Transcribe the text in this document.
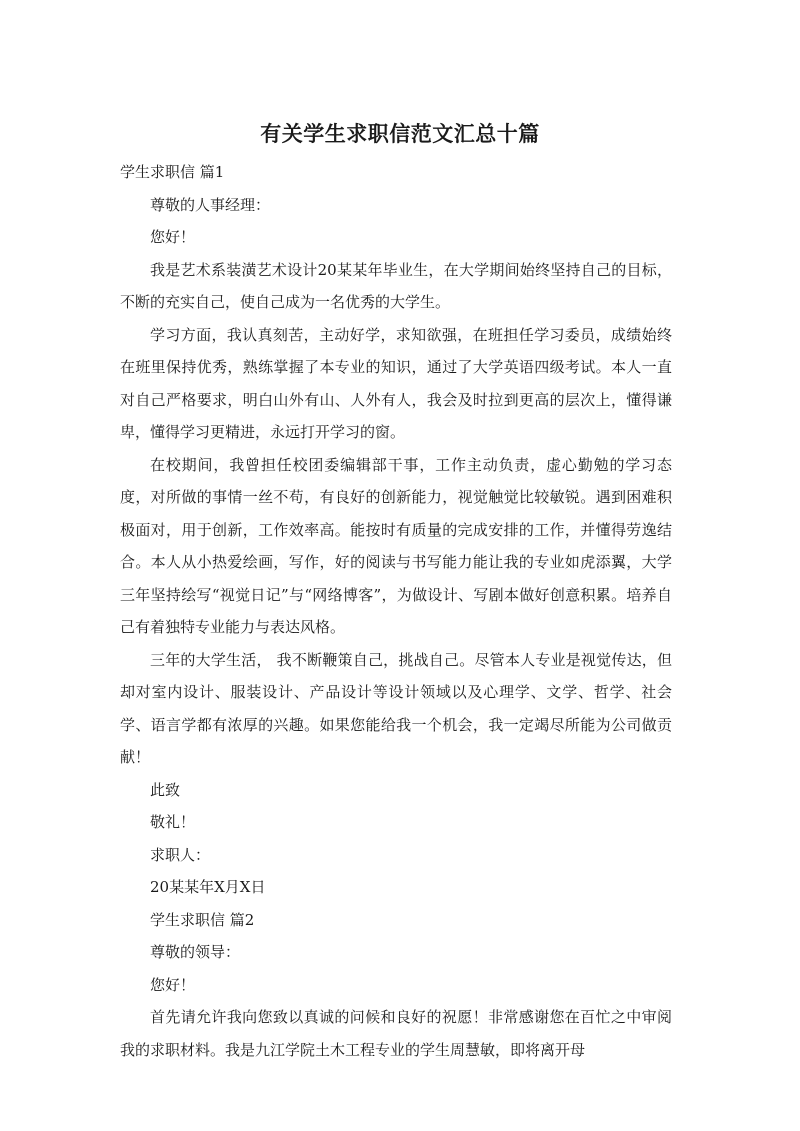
有关学生求职信范文汇总十篇

学生求职信 篇1

尊敬的人事经理：

您好！

我是艺术系装潢艺术设计20某某年毕业生，在大学期间始终坚持自己的目标，不断的充实自己，使自己成为一名优秀的大学生。

学习方面，我认真刻苦，主动好学，求知欲强，在班担任学习委员，成绩始终在班里保持优秀，熟练掌握了本专业的知识，通过了大学英语四级考试。本人一直对自己严格要求，明白山外有山、人外有人，我会及时拉到更高的层次上，懂得谦卑，懂得学习更精进，永远打开学习的窗。

在校期间，我曾担任校团委编辑部干事，工作主动负责，虚心勤勉的学习态度，对所做的事情一丝不苟，有良好的创新能力，视觉触觉比较敏锐。遇到困难积极面对，用于创新，工作效率高。能按时有质量的完成安排的工作，并懂得劳逸结合。本人从小热爱绘画，写作，好的阅读与书写能力能让我的专业如虎添翼，大学三年坚持绘写“视觉日记”与“网络博客”，为做设计、写剧本做好创意积累。培养自己有着独特专业能力与表达风格。

三年的大学生活， 我不断鞭策自己，挑战自己。尽管本人专业是视觉传达，但却对室内设计、服装设计、产品设计等设计领域以及心理学、文学、哲学、社会学、语言学都有浓厚的兴趣。如果您能给我一个机会，我一定竭尽所能为公司做贡献！

此致

敬礼！

求职人：

20某某年X月X日

学生求职信 篇2

尊敬的领导：

您好！

首先请允许我向您致以真诚的问候和良好的祝愿！非常感谢您在百忙之中审阅我的求职材料。我是九江学院土木工程专业的学生周慧敏，即将离开母
